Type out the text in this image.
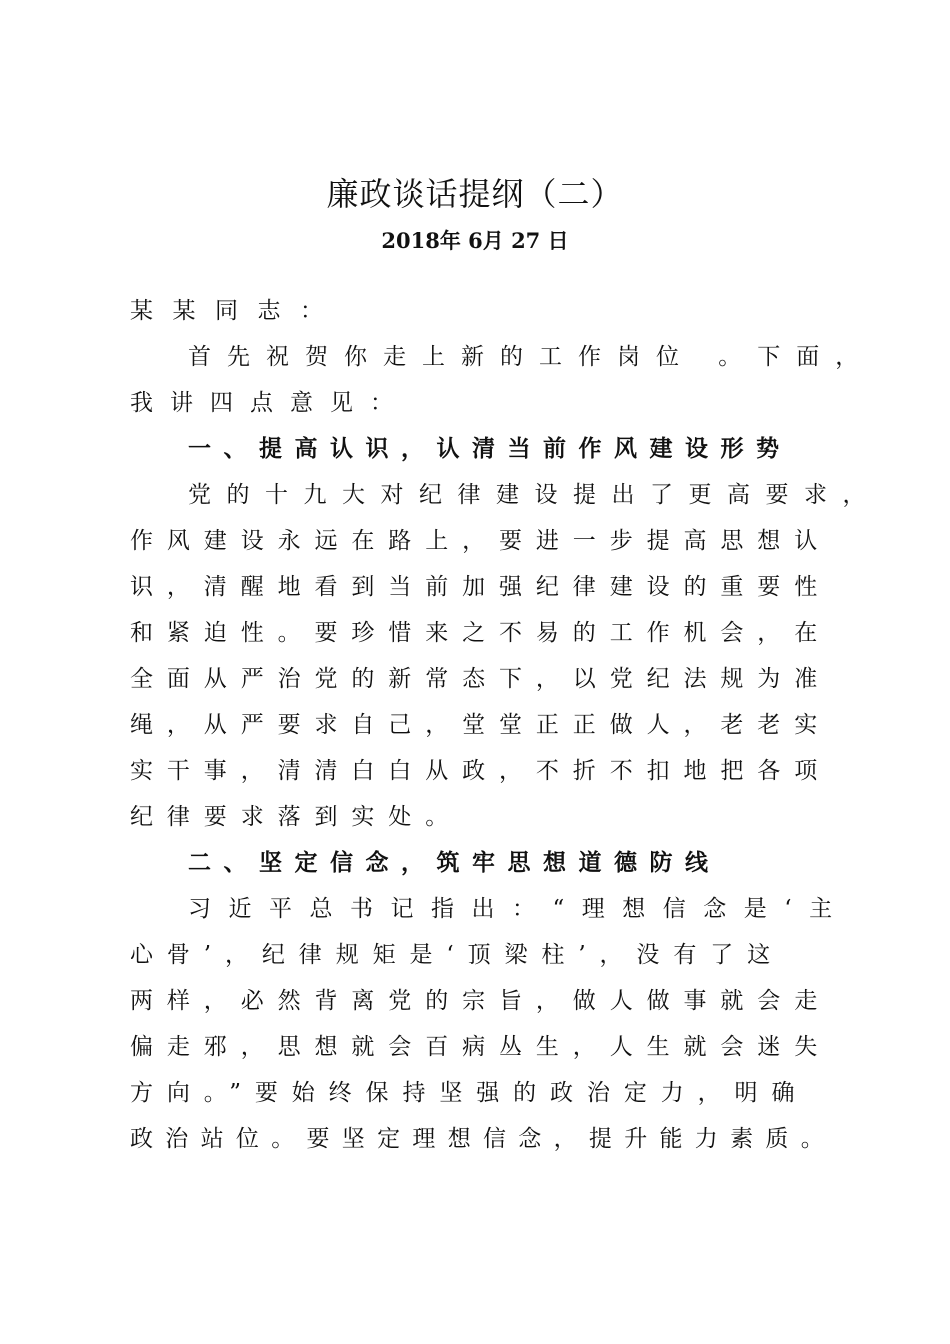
廉政谈话提纲（二）
2018年 6月 27 日
某某同志：
首先祝贺你走上新的工作岗位 。下面，
我讲四点意见：
一、提高认识，认清当前作风建设形势
党的十九大对纪律建设提出了更高要求，
作风建设永远在路上，要进一步提高思想认
识，清醒地看到当前加强纪律建设的重要性
和紧迫性。要珍惜来之不易的工作机会，在
全面从严治党的新常态下，以党纪法规为准
绳，从严要求自己，堂堂正正做人，老老实
实干事，清清白白从政，不折不扣地把各项
纪律要求落到实处。
二、坚定信念，筑牢思想道德防线
习近平总书记指出：“理想信念是‘主
心骨’，纪律规矩是‘顶梁柱’，没有了这
两样，必然背离党的宗旨，做人做事就会走
偏走邪，思想就会百病丛生，人生就会迷失
方向。”要始终保持坚强的政治定力，明确
政治站位。要坚定理想信念，提升能力素质。
